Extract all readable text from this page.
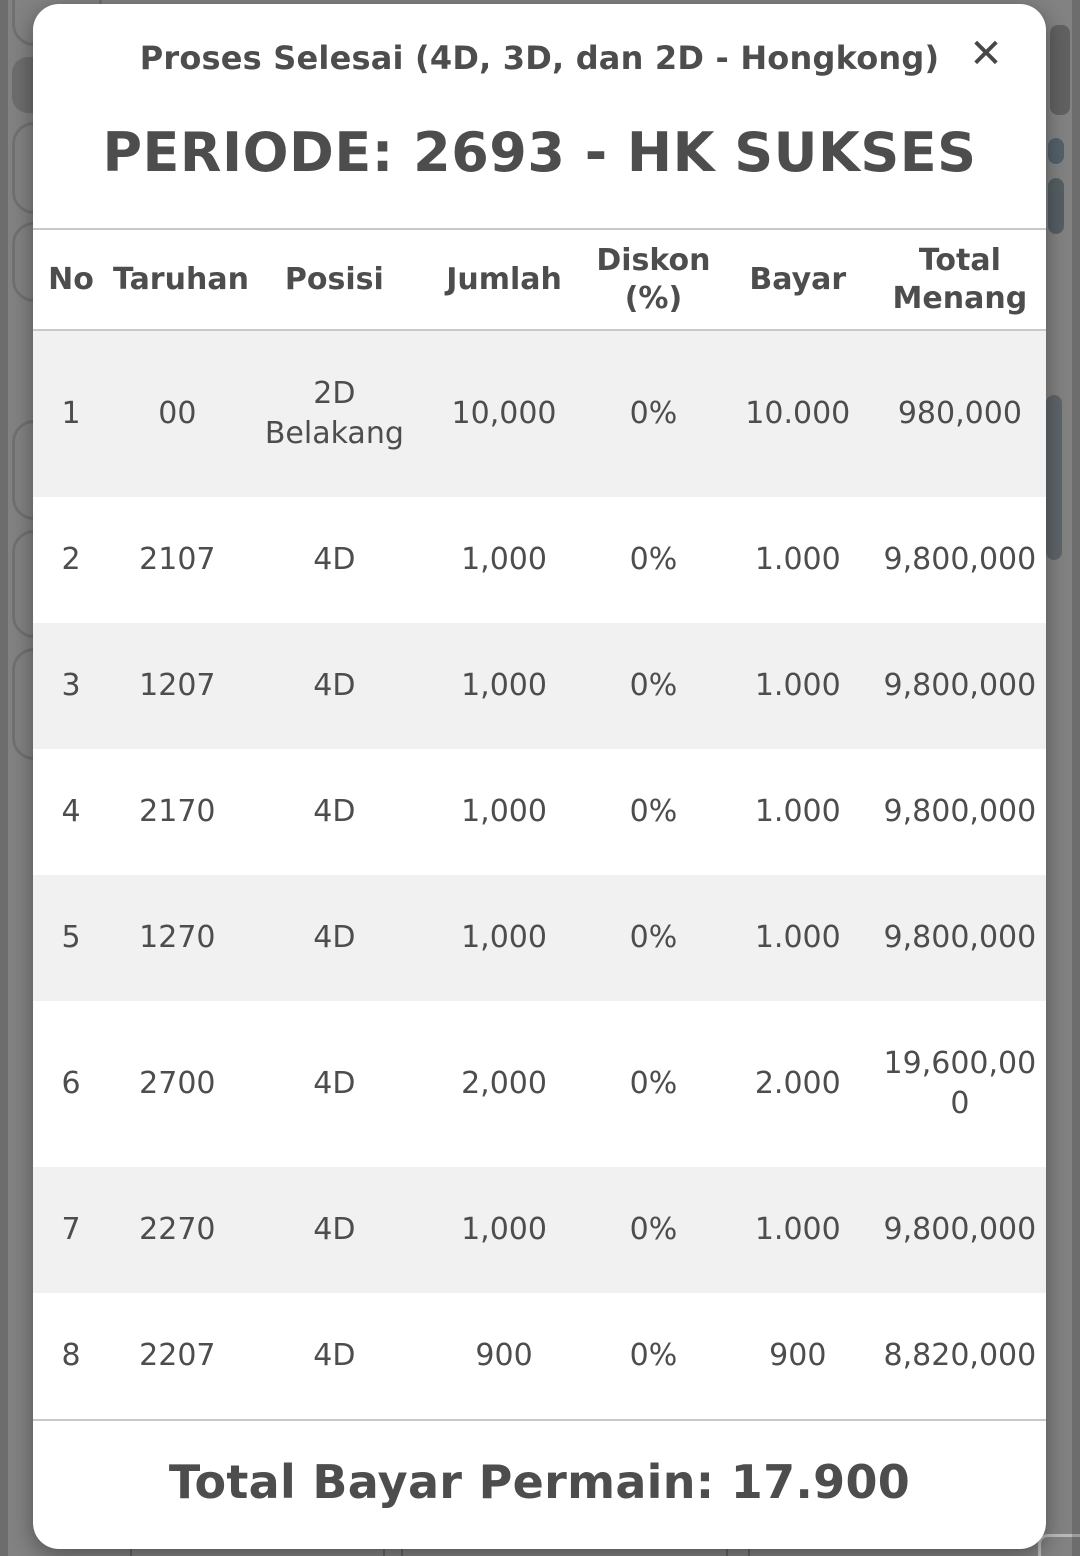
Proses Selesai (4D, 3D, dan 2D - Hongkong) ✕
PERIODE: 2693 - HK SUKSES
No	Taruhan	Posisi	Jumlah	Diskon (%)	Bayar	Total Menang
1	00	2D Belakang	10,000	0%	10.000	980,000
2	2107	4D	1,000	0%	1.000	9,800,000
3	1207	4D	1,000	0%	1.000	9,800,000
4	2170	4D	1,000	0%	1.000	9,800,000
5	1270	4D	1,000	0%	1.000	9,800,000
6	2700	4D	2,000	0%	2.000	19,600,000
7	2270	4D	1,000	0%	1.000	9,800,000
8	2207	4D	900	0%	900	8,820,000
Total Bayar Permain: 17.900
